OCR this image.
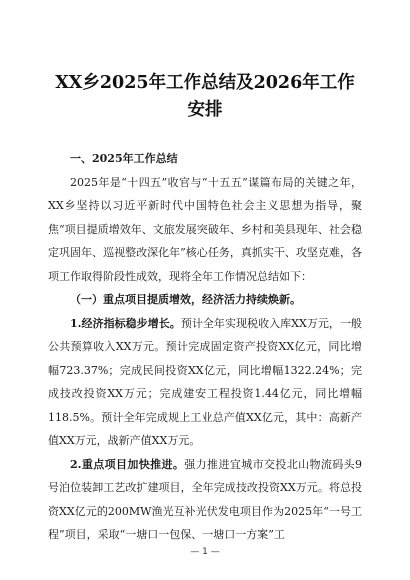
XX乡2025年工作总结及2026年工作安排

一、2025年工作总结

2025年是“十四五”收官与“十五五”谋篇布局的关键之年，XX乡坚持以习近平新时代中国特色社会主义思想为指导，聚焦“项目提质增效年、文旅发展突破年、乡村和美县现年、社会稳定巩固年、巡视整改深化年”核心任务，真抓实干、攻坚克难，各项工作取得阶段性成效，现将全年工作情况总结如下：

（一）重点项目提质增效，经济活力持续焕新。

1.经济指标稳步增长。预计全年实现税收入库XX万元，一般公共预算收入XX万元。预计完成固定资产投资XX亿元，同比增幅723.37%；完成民间投资XX亿元，同比增幅1322.24%；完成技改投资XX万元；完成建安工程投资1.44亿元，同比增幅118.5%。预计全年完成规上工业总产值XX亿元，其中：高新产值XX万元，战新产值XX万元。

2.重点项目加快推进。强力推进宜城市交投北山物流码头9号泊位装卸工艺改扩建项目，全年完成技改投资XX万元。将总投资XX亿元的200MW渔光互补光伏发电项目作为2025年“一号工程”项目，采取“一塘口一包保、一塘口一方案”工

— 1 —
